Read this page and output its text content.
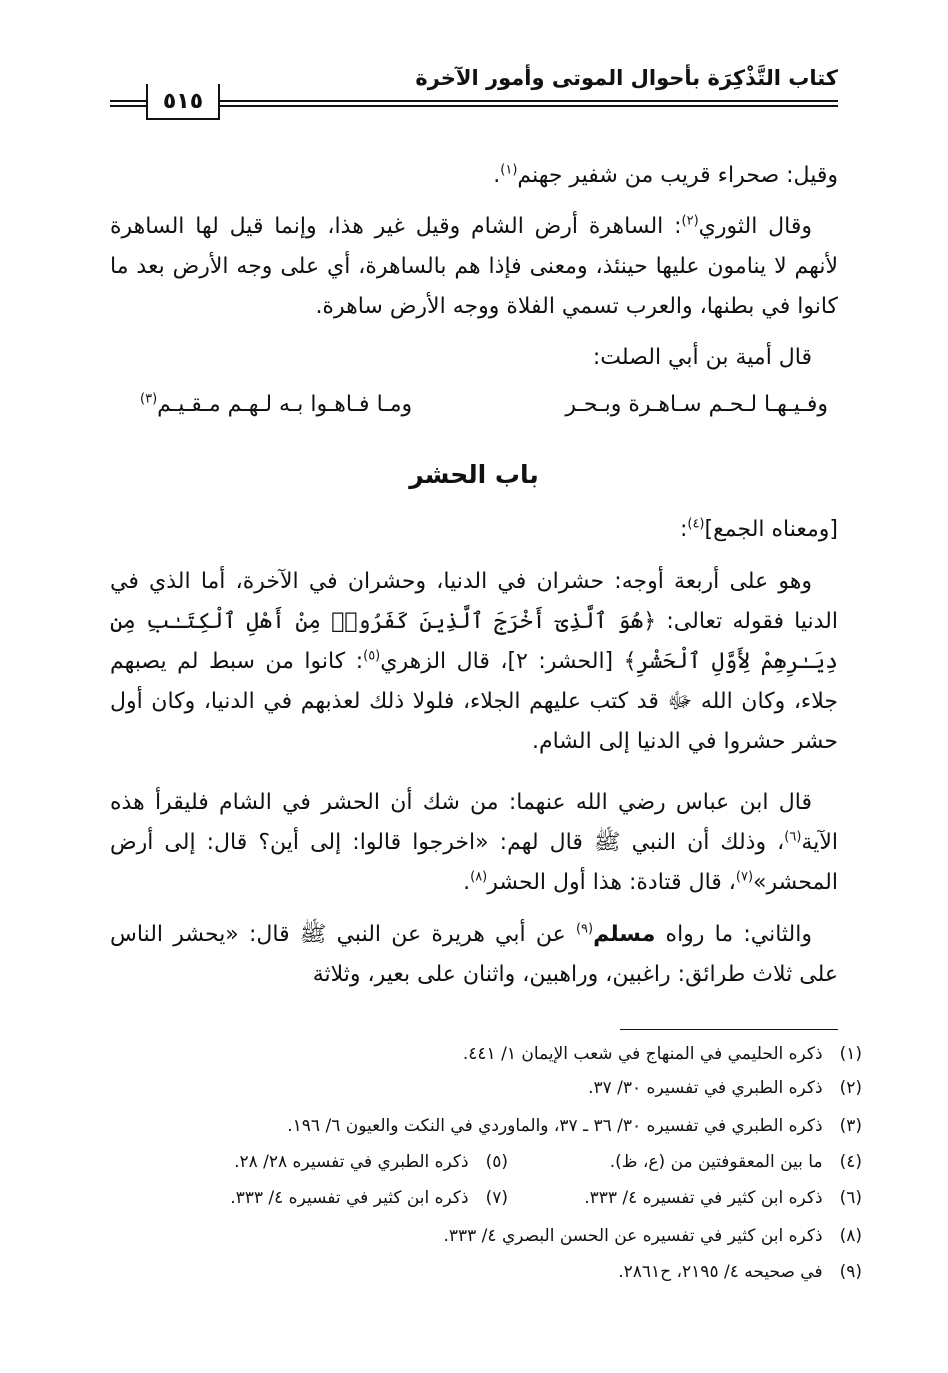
كتاب التَّذْكِرَة بأحوال الموتى وأمور الآخرة
٥١٥
وقيل: صحراء قريب من شفير جهنم$^{(١)}$.
وقال الثوري$^{(٢)}$: الساهرة أرض الشام وقيل غير هذا، وإنما قيل لها الساهرة لأنهم لا ينامون عليها حينئذ، ومعنى فإذا هم بالساهرة، أي على وجه الأرض بعد ما كانوا في بطنها، والعرب تسمي الفلاة ووجه الأرض ساهرة.
قال أمية بن أبي الصلت:
وفـيـهـا لـحـم سـاهـرة وبـحـر
ومـا فـاهـوا بـه لـهـم مـقـيـم$^{(٣)}$
باب الحشر
[ومعناه الجمع]$^{(٤)}$:
وهو على أربعة أوجه: حشران في الدنيا، وحشران في الآخرة، أما الذي في الدنيا فقوله تعالى: ﴿هُوَ ٱلَّذِىٓ أَخْرَجَ ٱلَّذِينَ كَفَرُوا۟ مِنْ أَهْلِ ٱلْكِتَـٰبِ مِن دِيَـٰرِهِمْ لِأَوَّلِ ٱلْحَشْرِ﴾ [الحشر: ٢]، قال الزهري$^{(٥)}$: كانوا من سبط لم يصبهم جلاء، وكان الله ﷻ قد كتب عليهم الجلاء، فلولا ذلك لعذبهم في الدنيا، وكان أول حشر حشروا في الدنيا إلى الشام.
قال ابن عباس رضي الله عنهما: من شك أن الحشر في الشام فليقرأ هذه الآية$^{(٦)}$، وذلك أن النبي ﷺ قال لهم: «اخرجوا قالوا: إلى أين؟ قال: إلى أرض المحشر»$^{(٧)}$، قال قتادة: هذا أول الحشر$^{(٨)}$.
والثاني: ما رواه مسلم$^{(٩)}$ عن أبي هريرة عن النبي ﷺ قال: «يحشر الناس على ثلاث طرائق: راغبين، وراهبين، واثنان على بعير، وثلاثة
(١) ذكره الحليمي في المنهاج في شعب الإيمان ١/ ٤٤١.
(٢) ذكره الطبري في تفسيره ٣٠/ ٣٧.
(٣) ذكره الطبري في تفسيره ٣٠/ ٣٦ ـ ٣٧، والماوردي في النكت والعيون ٦/ ١٩٦.
(٤) ما بين المعقوفتين من (ع، ظ).
(٥) ذكره الطبري في تفسيره ٢٨/ ٢٨.
(٦) ذكره ابن كثير في تفسيره ٤/ ٣٣٣.
(٧) ذكره ابن كثير في تفسيره ٤/ ٣٣٣.
(٨) ذكره ابن كثير في تفسيره عن الحسن البصري ٤/ ٣٣٣.
(٩) في صحيحه ٤/ ٢١٩٥، ح٢٨٦١.
